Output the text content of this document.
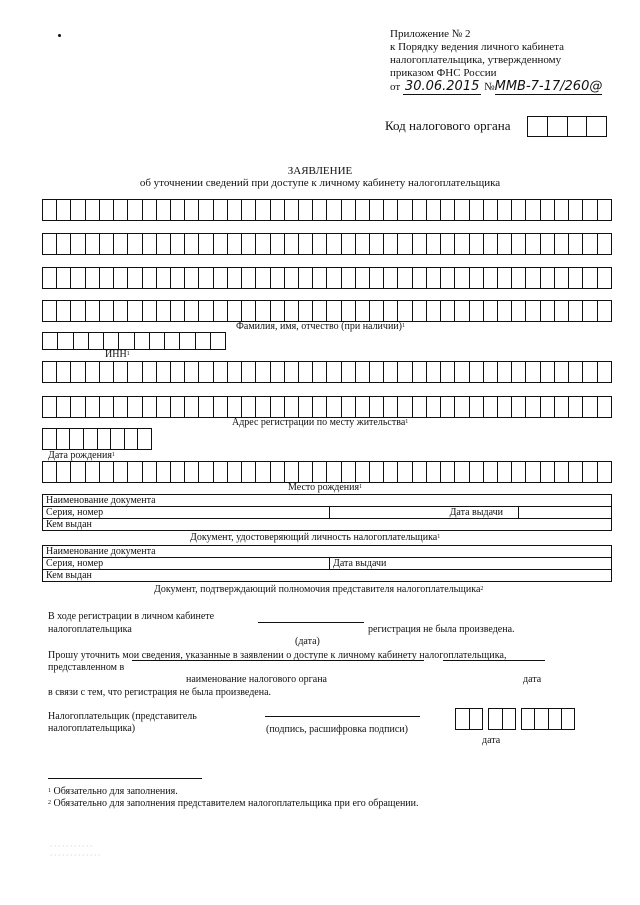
Приложение № 2
к Порядку ведения личного кабинета
налогоплательщика, утвержденному
приказом ФНС России
от 30.06.2015 №ММВ-7-17/260@
Код налогового органа
ЗАЯВЛЕНИЕ
об уточнении сведений при доступе к личному кабинету налогоплательщика
Фамилия, имя, отчество (при наличии)$^1$
ИНН$^1$
Адрес регистрации по месту жительства$^1$
Дата рождения$^1$
Место рождения$^1$
Наименование документа
Серия, номер	Дата выдачи	
Кем выдан
Документ, удостоверяющий личность налогоплательщика$^1$
Наименование документа
Серия, номер	Дата выдачи
Кем выдан
Документ, подтверждающий полномочия представителя налогоплательщика$^2$
В ходе регистрации в личном кабинете
налогоплательщика	регистрация не была произведена.
(дата)
Прошу уточнить мои сведения, указанные в заявлении о доступе к личному кабинету налогоплательщика,
представленном в
наименование налогового органа	дата
в связи с тем, что регистрация не была произведена.
Налогоплательщик (представитель
налогоплательщика)	(подпись, расшифровка подписи)
дата
$^1$ Обязательно для заполнения.
$^2$ Обязательно для заполнения представителем налогоплательщика при его обращении.
· · · · · · · · · · ·
· · · · · · · · · · · · ·
